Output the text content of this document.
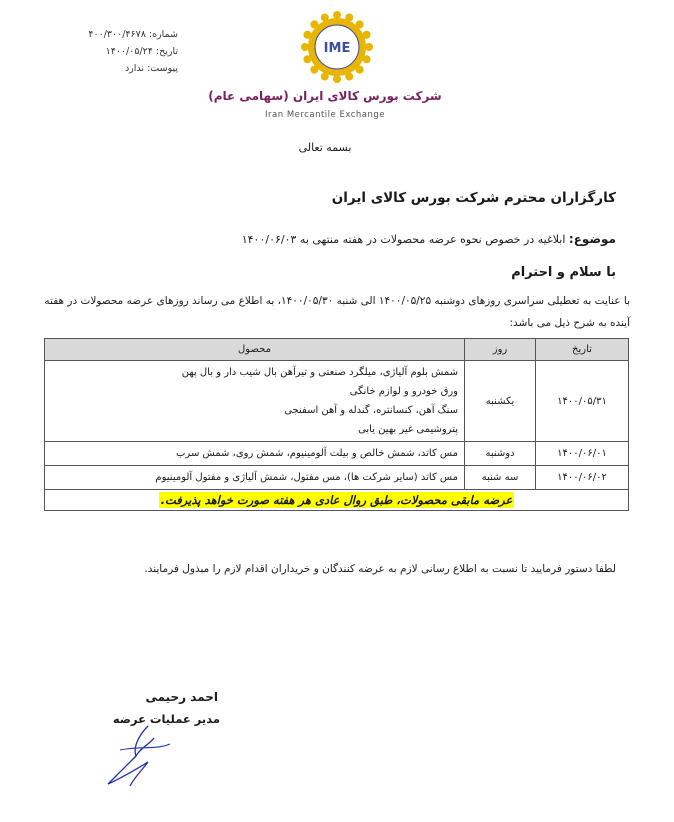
شماره: ۴۰۰/۳۰۰/۴۶۷۸
تاریخ: ۱۴۰۰/۰۵/۲۴
پیوست: ندارد
IME
شرکت بورس کالای ایران (سهامی عام)
Iran Mercantile Exchange
بسمه تعالی
کارگزاران محترم شرکت بورس کالای ایران
موضوع: ابلاغیه در خصوص نحوه عرضه محصولات در هفته منتهی به ۱۴۰۰/۰۶/۰۳
با سلام و احترام
با عنایت به تعطیلی سراسری روزهای دوشنبه ۱۴۰۰/۰۵/۲۵ الی شنبه ۱۴۰۰/۰۵/۳۰، به اطلاع می رساند روزهای عرضه محصولات در هفته آینده به شرح ذیل می باشد:
تاریخ	روز	محصول
۱۴۰۰/۰۵/۳۱	یکشنبه	شمش بلوم آلیاژی، میلگرد صنعتی و تیرآهن بال شیب دار و بال پهن
ورق خودرو و لوازم خانگی
سنگ آهن، کنسانتره، گندله و آهن اسفنجی
پتروشیمی غیر بهین یابی

۱۴۰۰/۰۶/۰۱	دوشنبه	مس کاتد، شمش خالص و بیلت آلومینیوم، شمش روی، شمش سرب

۱۴۰۰/۰۶/۰۲	سه شنبه	مس کاتد (سایر شرکت ها)، مس مفتول، شمش آلیاژی و مفتول آلومینیوم

عرضه مابقی محصولات، طبق روال عادی هر هفته صورت خواهد پذیرفت.		
لطفا دستور فرمایید تا نسبت به اطلاع رسانی لازم به عرضه کنندگان و خریداران اقدام لازم را مبذول فرمایند.
احمد رحیمی
مدیر عملیات عرضه
